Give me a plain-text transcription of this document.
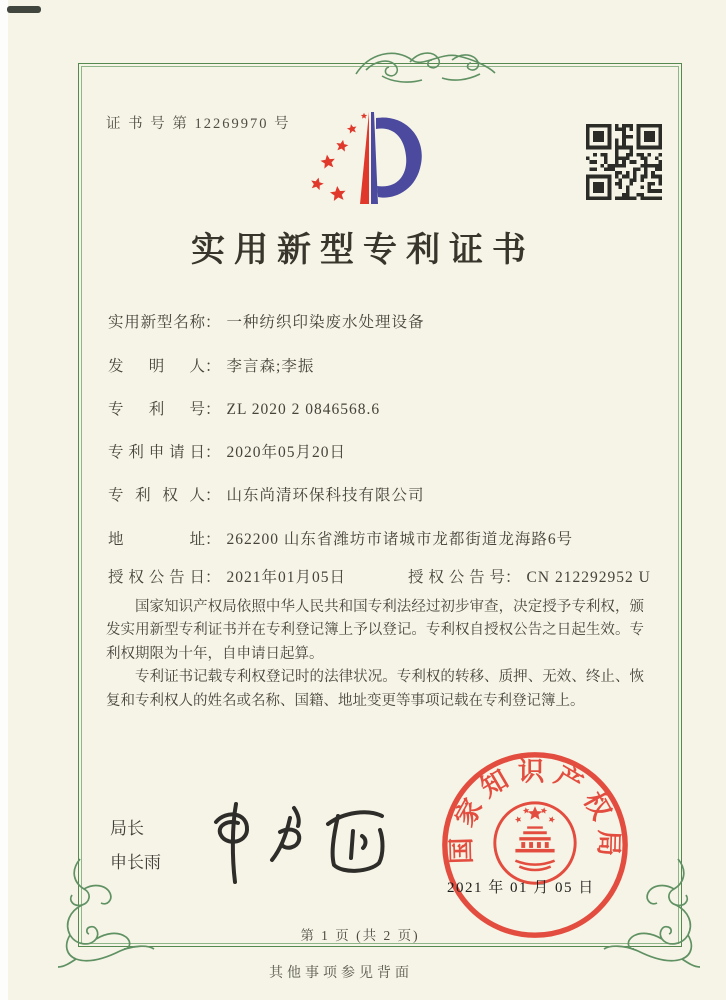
证 书 号 第 12269970 号
实用新型专利证书
实 用 新 型 名 称 ： 一种纺织印染废水处理设备
发 明 人 ： 李言森;李振
专 利 号 ： ZL 2020 2 0846568.6
专 利 申 请 日 ： 2020年05月20日
专 利 权 人 ： 山东尚清环保科技有限公司
地	址 ： 262200 山东省潍坊市诸城市龙都街道龙海路6号
授 权 公 告 日 ： 2021年01月05日	授 权 公 告 号 ： CN 212292952 U

国家知识产权局依照中华人民共和国专利法经过初步审查，决定授予专利权，颁发实用新型专利证书并在专利登记簿上予以登记。专利权自授权公告之日起生效。专利权期限为十年，自申请日起算。

专利证书记载专利权登记时的法律状况。专利权的转移、质押、无效、终止、恢复和专利权人的姓名或名称、国籍、地址变更等事项记载在专利登记簿上。

局长
申长雨	国家知识产权局
2021 年 01 月 05 日
第 1 页 (共 2 页)
其他事项参见背面
